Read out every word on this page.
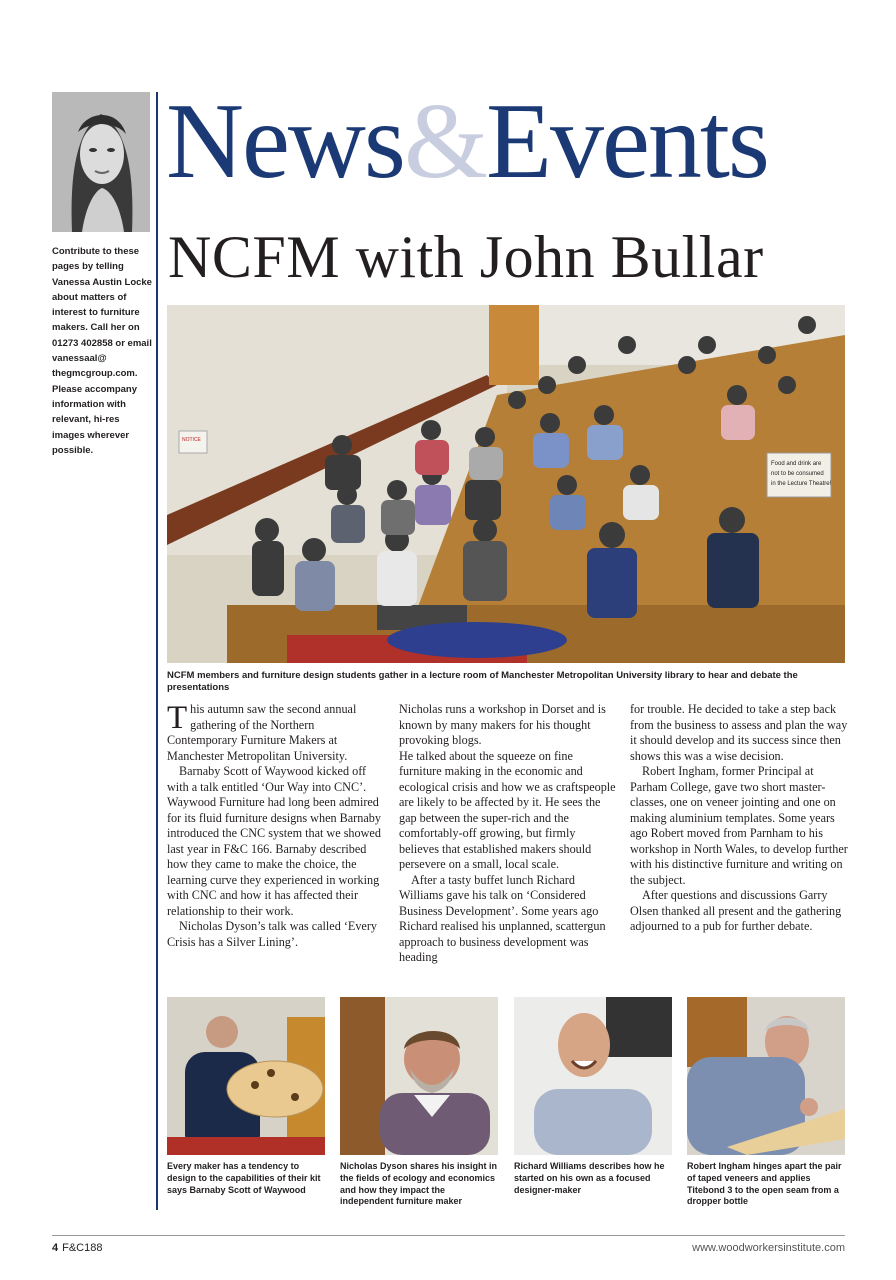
Contribute to these pages by telling Vanessa Austin Locke about matters of interest to furniture makers. Call her on 01273 402858 or email vanessaal@ thegmcgroup.com. Please accompany information with relevant, hi-res images wherever possible.
News&Events
NCFM with John Bullar
Food and drink are
not to be consumed
in the Lecture Theatre!
NOTICE
NCFM members and furniture design students gather in a lecture room of Manchester Metropolitan University library to hear and debate the presentations

This autumn saw the second annual gathering of the Northern Contemporary Furniture Makers at Manchester Metropolitan University.

Barnaby Scott of Waywood kicked off with a talk entitled ‘Our Way into CNC’. Waywood Furniture had long been admired for its fluid furniture designs when Barnaby introduced the CNC system that we showed last year in F&C 166. Barnaby described how they came to make the choice, the learning curve they experienced in working with CNC and how it has affected their relationship to their work.

Nicholas Dyson’s talk was called ‘Every Crisis has a Silver Lining’.

Nicholas runs a workshop in Dorset and is known by many makers for his thought provoking blogs.

He talked about the squeeze on fine furniture making in the economic and ecological crisis and how we as craftspeople are likely to be affected by it. He sees the gap between the super-rich and the comfortably-off growing, but firmly believes that established makers should persevere on a small, local scale.

After a tasty buffet lunch Richard Williams gave his talk on ‘Considered Business Development’. Some years ago Richard realised his unplanned, scattergun approach to business development was heading

for trouble. He decided to take a step back from the business to assess and plan the way it should develop and its success since then shows this was a wise decision.

Robert Ingham, former Principal at Parham College, gave two short master-classes, one on veneer jointing and one on making aluminium templates. Some years ago Robert moved from Parnham to his workshop in North Wales, to develop further with his distinctive furniture and writing on the subject.

After questions and discussions Garry Olsen thanked all present and the gathering adjourned to a pub for further debate.

Every maker has a tendency to design to the capabilities of their kit says Barnaby Scott of Waywood
Nicholas Dyson shares his insight in the fields of ecology and economics and how they impact the independent furniture maker
Richard Williams describes how he started on his own as a focused designer-maker
Robert Ingham hinges apart the pair of taped veneers and applies Titebond 3 to the open seam from a dropper bottle
4 F&C188	www.woodworkersinstitute.com
